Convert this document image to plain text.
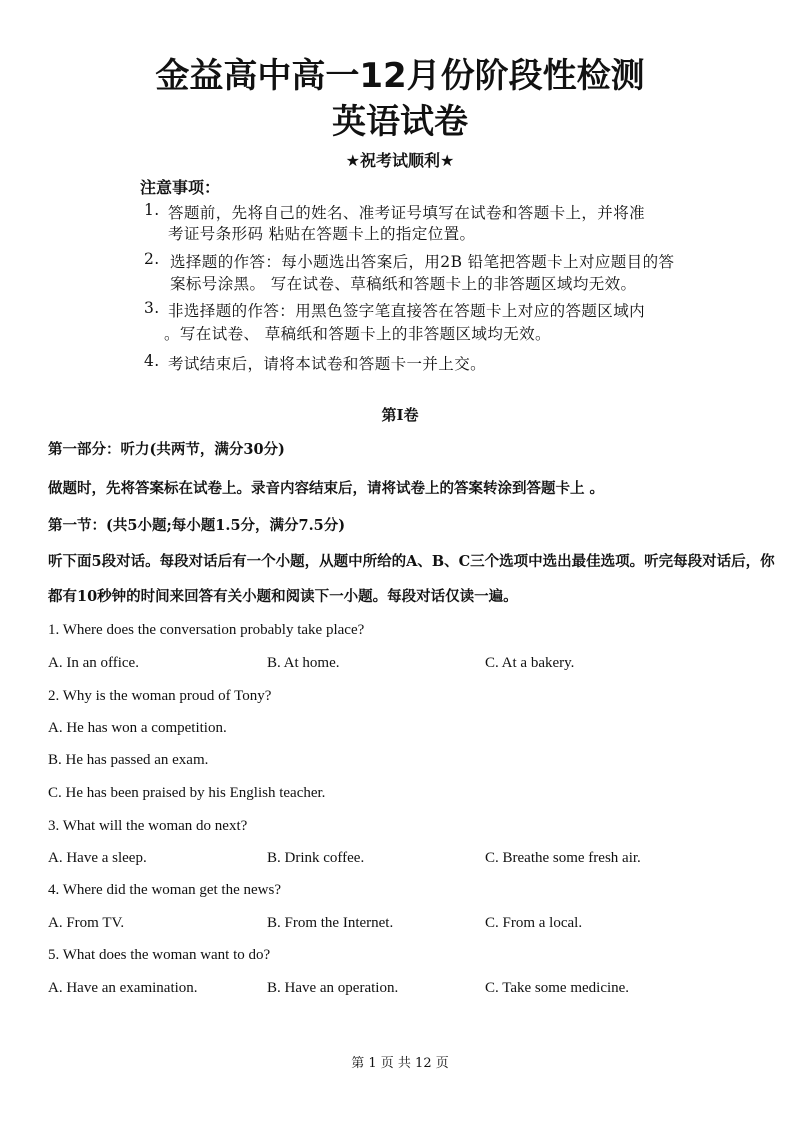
金益高中高一12月份阶段性检测
英语试卷
★祝考试顺利★
注意事项：
1. 答题前，先将自己的姓名、准考证号填写在试卷和答题卡上，并将准
考证号条形码 粘贴在答题卡上的指定位置。
2. 选择题的作答：每小题选出答案后，用2B 铅笔把答题卡上对应题目的答
案标号涂黑。 写在试卷、草稿纸和答题卡上的非答题区域均无效。
3. 非选择题的作答：用黑色签字笔直接答在答题卡上对应的答题区域内
。写在试卷、 草稿纸和答题卡上的非答题区域均无效。
4. 考试结束后，请将本试卷和答题卡一并上交。
第Ⅰ卷
第一部分：听力(共两节，满分30分)
做题时，先将答案标在试卷上。录音内容结束后，请将试卷上的答案转涂到答题卡上 。
第一节：(共5小题;每小题1.5分，满分7.5分)
听下面5段对话。每段对话后有一个小题，从题中所给的A、B、C三个选项中选出最佳选项。听完每段对话后，你
都有10秒钟的时间来回答有关小题和阅读下一小题。每段对话仅读一遍。
1. Where does the conversation probably take place?
A. In an office.	B. At home.	C. At a bakery.
2. Why is the woman proud of Tony?
A. He has won a competition.
B. He has passed an exam.
C. He has been praised by his English teacher.
3. What will the woman do next?
A. Have a sleep.	B. Drink coffee.	C. Breathe some fresh air.
4. Where did the woman get the news?
A. From TV.	B. From the Internet.	C. From a local.
5. What does the woman want to do?
A. Have an examination.	B. Have an operation.	C. Take some medicine.
第 1 页 共 12 页
